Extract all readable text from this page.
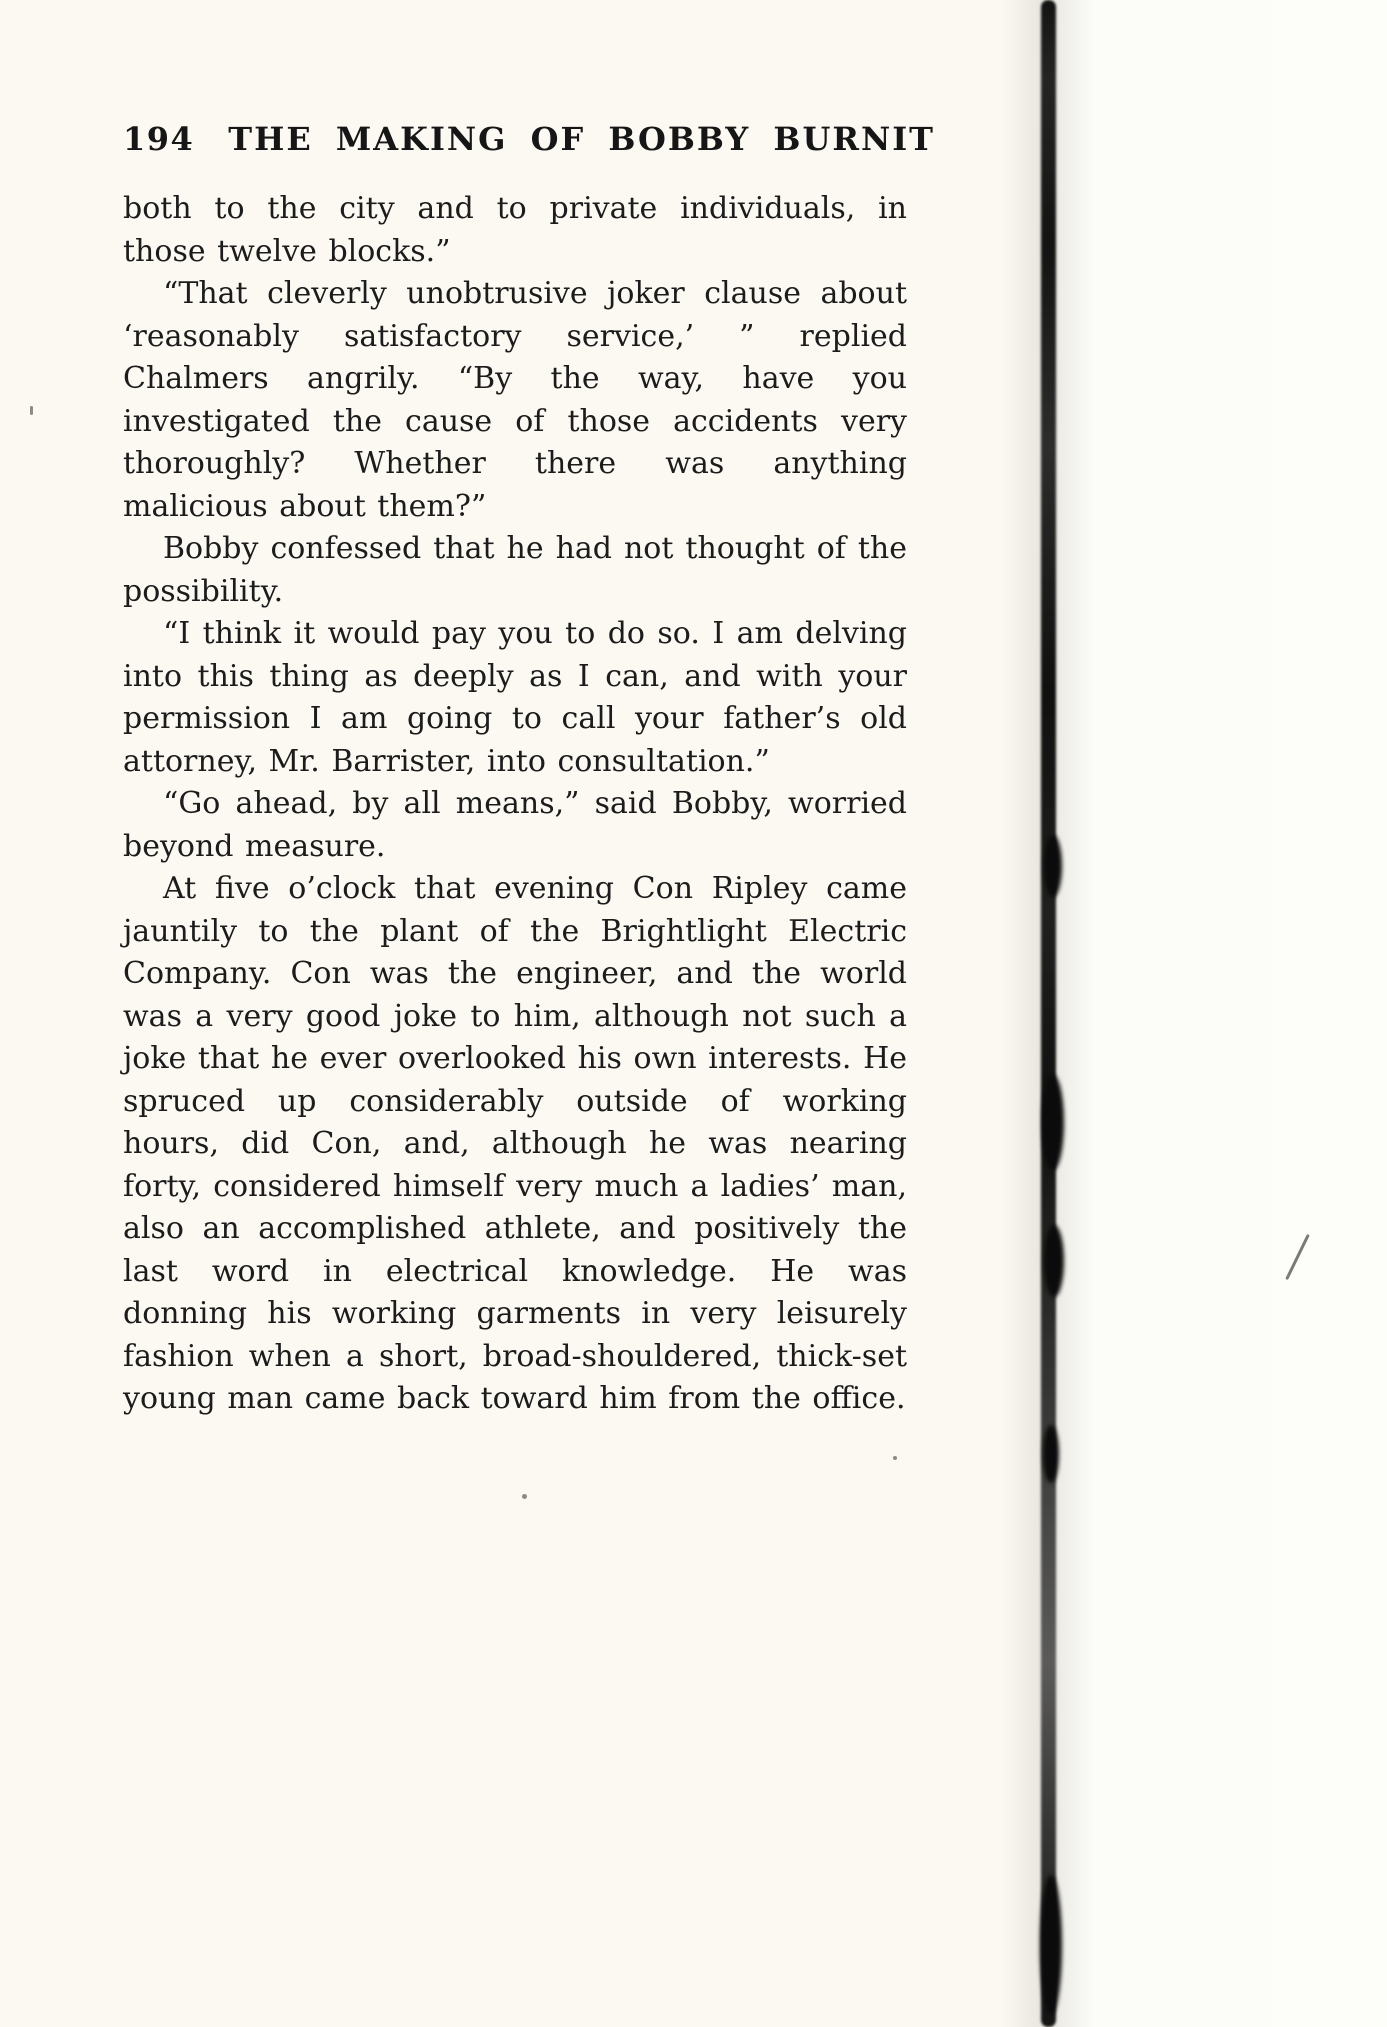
194 THE MAKING OF BOBBY BURNIT

both to the city and to private individuals, in those twelve blocks.”

“That cleverly unobtrusive joker clause about ‘reasonably satisfactory service,’ ” replied Chalmers angrily. “By the way, have you investigated the cause of those accidents very thoroughly? Whether there was anything malicious about them?”

Bobby confessed that he had not thought of the possibility.

“I think it would pay you to do so. I am delving into this thing as deeply as I can, and with your permission I am going to call your father’s old attorney, Mr. Barrister, into consultation.”

“Go ahead, by all means,” said Bobby, worried beyond measure.

At five o’clock that evening Con Ripley came jauntily to the plant of the Brightlight Electric Company. Con was the engineer, and the world was a very good joke to him, although not such a joke that he ever overlooked his own interests. He spruced up considerably outside of working hours, did Con, and, although he was nearing forty, considered himself very much a ladies’ man, also an accomplished athlete, and positively the last word in electrical knowledge. He was donning his working garments in very leisurely fashion when a short, broad-shouldered, thick-set young man came back toward him from the office.
